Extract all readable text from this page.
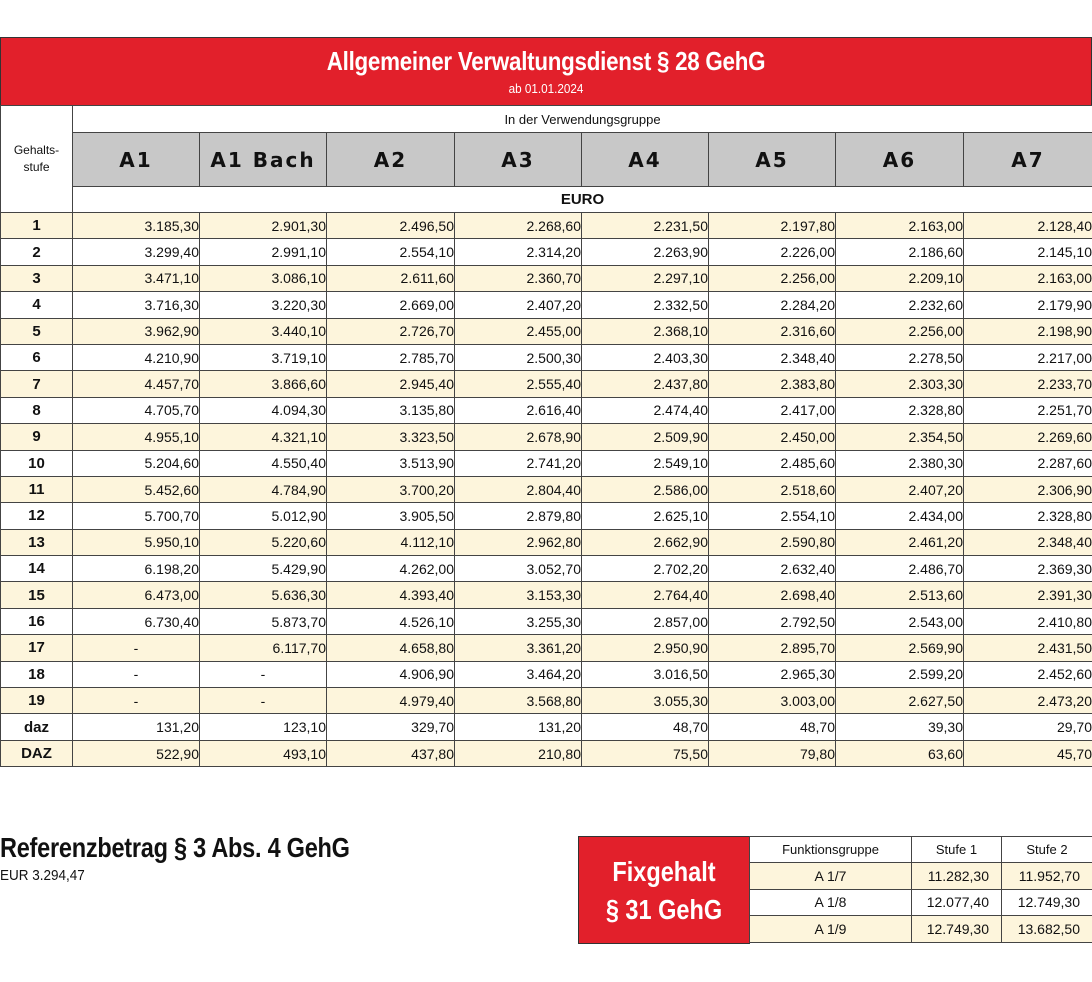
Allgemeiner Verwaltungsdienst § 28 GehG
ab 01.01.2024
Gehalts-
stufe	In der Verwendungsgruppe							
	A1	A1 Bach	A2	A3	A4	A5	A6	A7
	EURO							
1	3.185,30	2.901,30	2.496,50	2.268,60	2.231,50	2.197,80	2.163,00	2.128,40
2	3.299,40	2.991,10	2.554,10	2.314,20	2.263,90	2.226,00	2.186,60	2.145,10
3	3.471,10	3.086,10	2.611,60	2.360,70	2.297,10	2.256,00	2.209,10	2.163,00
4	3.716,30	3.220,30	2.669,00	2.407,20	2.332,50	2.284,20	2.232,60	2.179,90
5	3.962,90	3.440,10	2.726,70	2.455,00	2.368,10	2.316,60	2.256,00	2.198,90
6	4.210,90	3.719,10	2.785,70	2.500,30	2.403,30	2.348,40	2.278,50	2.217,00
7	4.457,70	3.866,60	2.945,40	2.555,40	2.437,80	2.383,80	2.303,30	2.233,70
8	4.705,70	4.094,30	3.135,80	2.616,40	2.474,40	2.417,00	2.328,80	2.251,70
9	4.955,10	4.321,10	3.323,50	2.678,90	2.509,90	2.450,00	2.354,50	2.269,60
10	5.204,60	4.550,40	3.513,90	2.741,20	2.549,10	2.485,60	2.380,30	2.287,60
11	5.452,60	4.784,90	3.700,20	2.804,40	2.586,00	2.518,60	2.407,20	2.306,90
12	5.700,70	5.012,90	3.905,50	2.879,80	2.625,10	2.554,10	2.434,00	2.328,80
13	5.950,10	5.220,60	4.112,10	2.962,80	2.662,90	2.590,80	2.461,20	2.348,40
14	6.198,20	5.429,90	4.262,00	3.052,70	2.702,20	2.632,40	2.486,70	2.369,30
15	6.473,00	5.636,30	4.393,40	3.153,30	2.764,40	2.698,40	2.513,60	2.391,30
16	6.730,40	5.873,70	4.526,10	3.255,30	2.857,00	2.792,50	2.543,00	2.410,80
17	-	6.117,70	4.658,80	3.361,20	2.950,90	2.895,70	2.569,90	2.431,50
18	-	-	4.906,90	3.464,20	3.016,50	2.965,30	2.599,20	2.452,60
19	-	-	4.979,40	3.568,80	3.055,30	3.003,00	2.627,50	2.473,20
daz	131,20	123,10	329,70	131,20	48,70	48,70	39,30	29,70
DAZ	522,90	493,10	437,80	210,80	75,50	79,80	63,60	45,70
Referenzbetrag § 3 Abs. 4 GehG
EUR 3.294,47	Fixgehalt
§ 31 GehG
Funktionsgruppe	Stufe 1	Stufe 2
A 1/7	11.282,30	11.952,70
A 1/8	12.077,40	12.749,30
A 1/9	12.749,30	13.682,50
